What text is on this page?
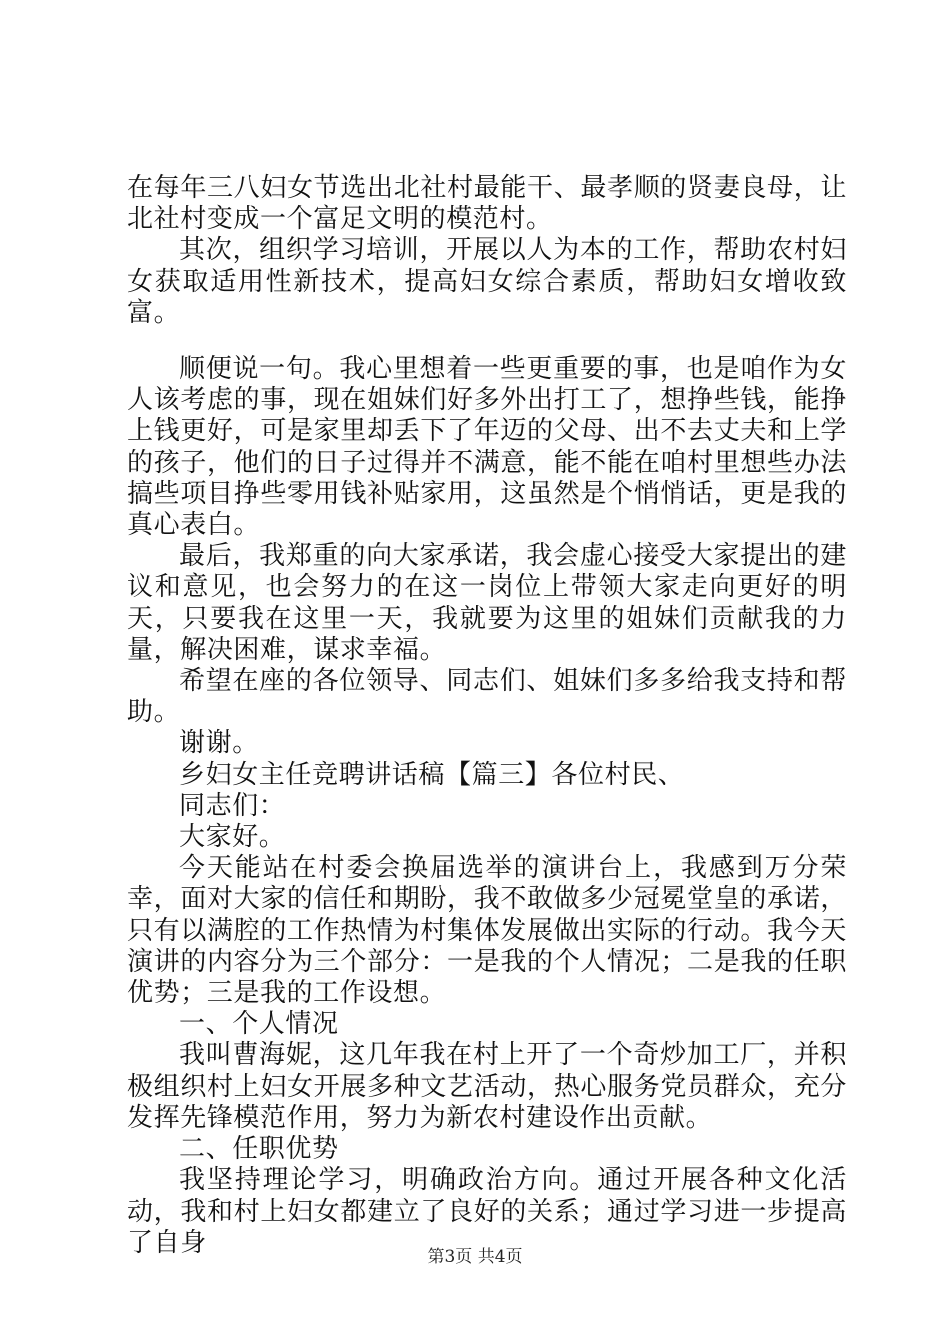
在每年三八妇女节选出北社村最能干、最孝顺的贤妻良母，让北社村变成一个富足文明的模范村。

其次，组织学习培训，开展以人为本的工作，帮助农村妇女获取适用性新技术，提高妇女综合素质，帮助妇女增收致富。

顺便说一句。我心里想着一些更重要的事，也是咱作为女人该考虑的事，现在姐妹们好多外出打工了，想挣些钱，能挣上钱更好，可是家里却丢下了年迈的父母、出不去丈夫和上学的孩子，他们的日子过得并不满意，能不能在咱村里想些办法搞些项目挣些零用钱补贴家用，这虽然是个悄悄话，更是我的真心表白。

最后，我郑重的向大家承诺，我会虚心接受大家提出的建议和意见，也会努力的在这一岗位上带领大家走向更好的明天，只要我在这里一天，我就要为这里的姐妹们贡献我的力量，解决困难，谋求幸福。

希望在座的各位领导、同志们、姐妹们多多给我支持和帮助。

谢谢。

乡妇女主任竞聘讲话稿【篇三】各位村民、

同志们：

大家好。

今天能站在村委会换届选举的演讲台上，我感到万分荣幸，面对大家的信任和期盼，我不敢做多少冠冕堂皇的承诺，只有以满腔的工作热情为村集体发展做出实际的行动。我今天演讲的内容分为三个部分：一是我的个人情况；二是我的任职优势；三是我的工作设想。

一、个人情况

我叫曹海妮，这几年我在村上开了一个奇炒加工厂，并积极组织村上妇女开展多种文艺活动，热心服务党员群众，充分发挥先锋模范作用，努力为新农村建设作出贡献。

二、任职优势

我坚持理论学习，明确政治方向。通过开展各种文化活动，我和村上妇女都建立了良好的关系；通过学习进一步提高了自身	第3页 共4页
